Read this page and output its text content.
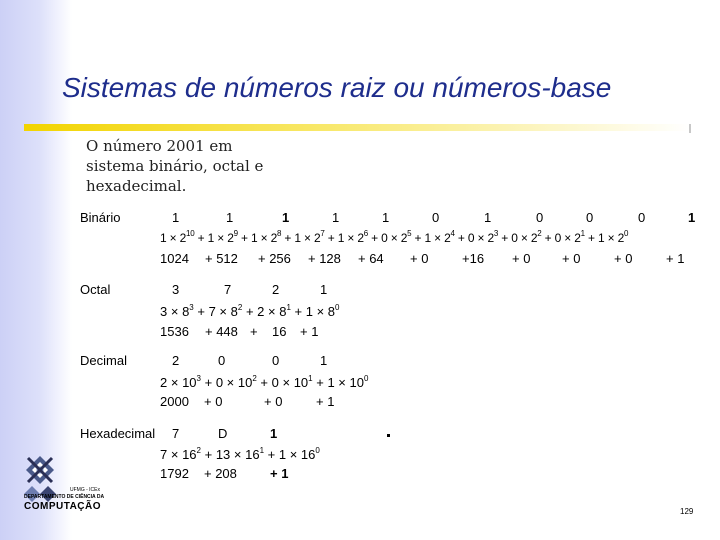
Sistemas de números raiz ou números-base
O número 2001 em
sistema binário, octal e
hexadecimal.
Binário	1	1	1	1	1	0	1	0	0	0	1
$1 \times 2^{10} + 1 \times 2^9 + 1 \times 2^8 + 1 \times 2^7 + 1 \times 2^6 + 0 \times 2^5 + 1 \times 2^4 + 0 \times 2^3 + 0 \times 2^2 + 0 \times 2^1 + 1 \times 2^0$
1024 + 512 + 256 + 128 + 64 + 0	+16 + 0 + 0	+ 0	+ 1
Octal	3	7	2	1
$3 \times 8^3 + 7 \times 8^2 + 2 \times 8^1 + 1 \times 8^0$
1536 + 448 + 16 + 1
Decimal	2	0	0	1
$2 \times 10^3 + 0 \times 10^2 + 0 \times 10^1 + 1 \times 10^0$
2000 + 0	+ 0	+ 1
Hexadecimal 7	D	1
$7 \times 16^2 + 13 \times 16^1 + 1 \times 16^0$
1792 + 208	+ 1
UFMG - ICEx
DEPARTAMENTO DE CIÊNCIA DA
COMPUTAÇÃO	129
